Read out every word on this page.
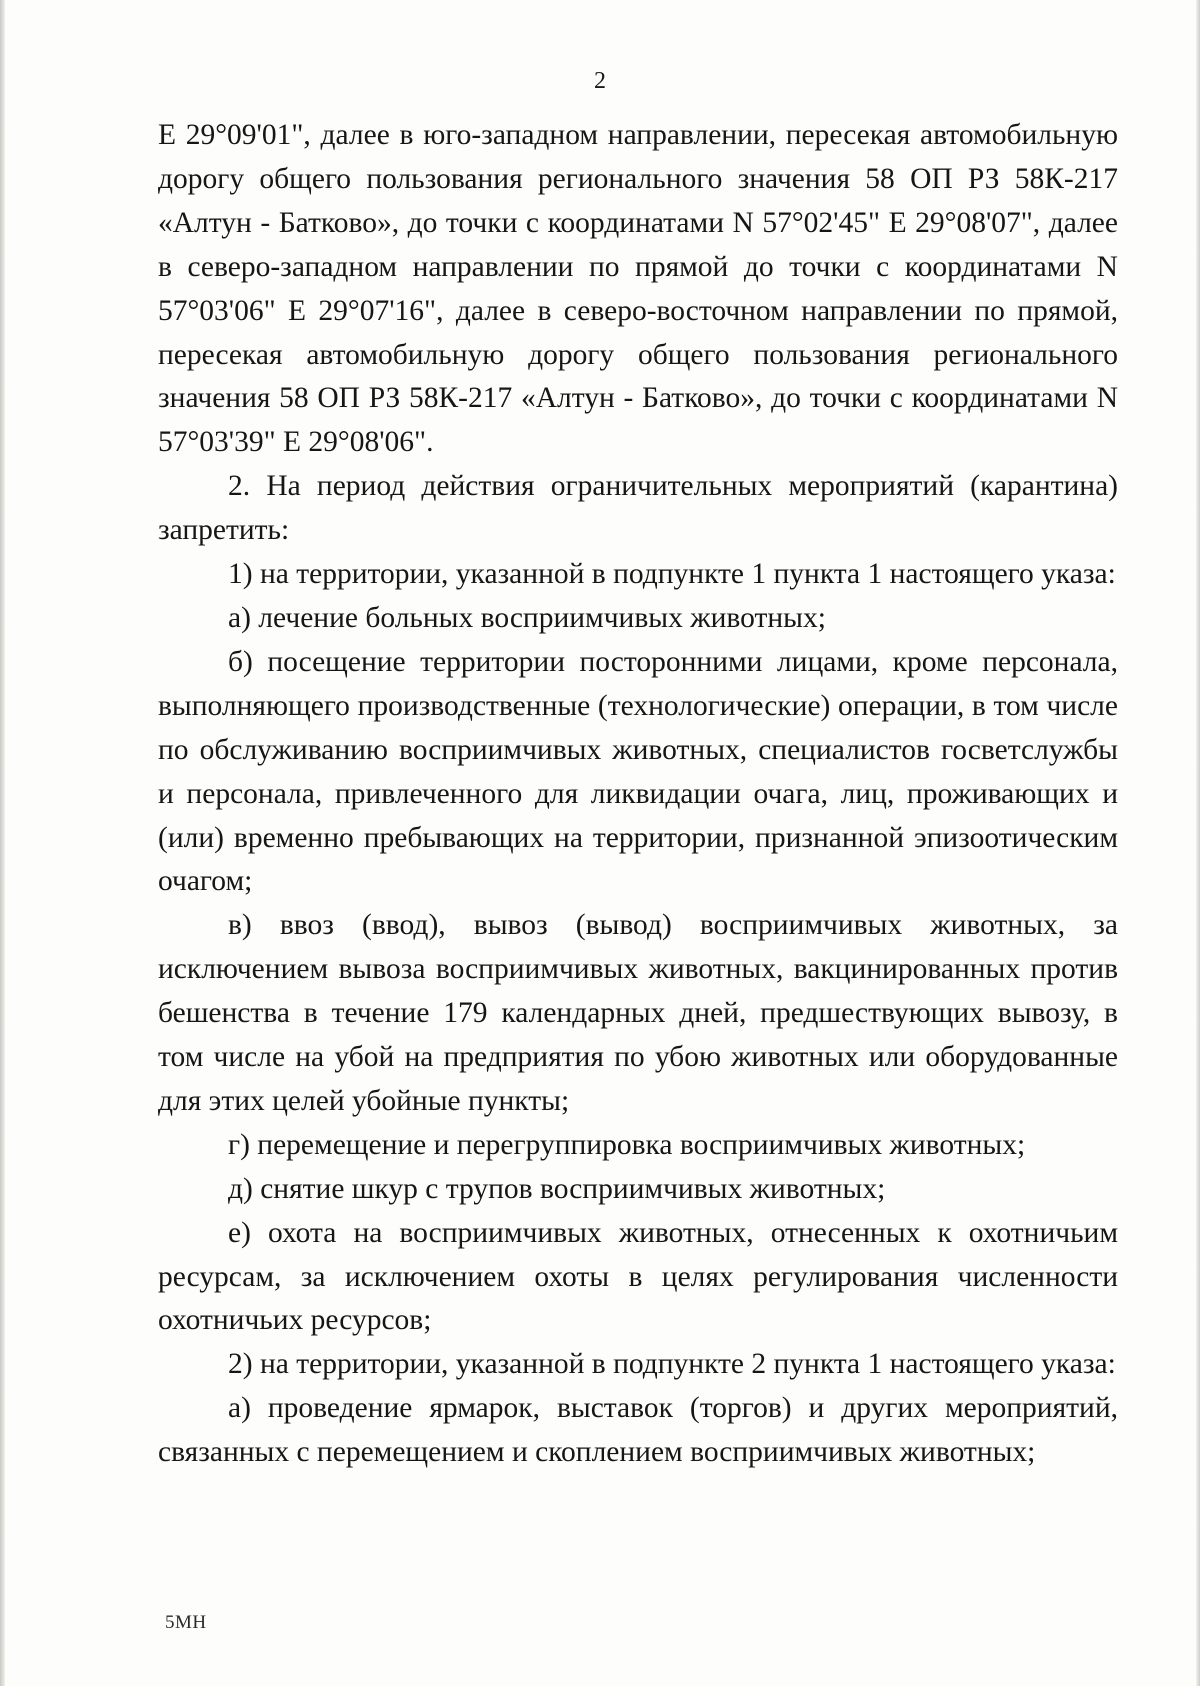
2

E 29°09'01", далее в юго-западном направлении, пересекая автомобильную дорогу общего пользования регионального значения 58 ОП РЗ 58К-217 «Алтун - Батково», до точки с координатами N 57°02'45" E 29°08'07", далее в северо-западном направлении по прямой до точки с координатами N 57°03'06" E 29°07'16", далее в северо-восточном направлении по прямой, пересекая автомобильную дорогу общего пользования регионального значения 58 ОП РЗ 58К-217 «Алтун - Батково», до точки с координатами N 57°03'39" E 29°08'06".

2. На период действия ограничительных мероприятий (карантина) запретить:

1) на территории, указанной в подпункте 1 пункта 1 настоящего указа:

а) лечение больных восприимчивых животных;

б) посещение территории посторонними лицами, кроме персонала, выполняющего производственные (технологические) операции, в том числе по обслуживанию восприимчивых животных, специалистов госветслужбы и персонала, привлеченного для ликвидации очага, лиц, проживающих и (или) временно пребывающих на территории, признанной эпизоотическим очагом;

в) ввоз (ввод), вывоз (вывод) восприимчивых животных, за исключением вывоза восприимчивых животных, вакцинированных против бешенства в течение 179 календарных дней, предшествующих вывозу, в том числе на убой на предприятия по убою животных или оборудованные для этих целей убойные пункты;

г) перемещение и перегруппировка восприимчивых животных;

д) снятие шкур с трупов восприимчивых животных;

е) охота на восприимчивых животных, отнесенных к охотничьим ресурсам, за исключением охоты в целях регулирования численности охотничьих ресурсов;

2) на территории, указанной в подпункте 2 пункта 1 настоящего указа:

а) проведение ярмарок, выставок (торгов) и других мероприятий, связанных с перемещением и скоплением восприимчивых животных;

5МН
